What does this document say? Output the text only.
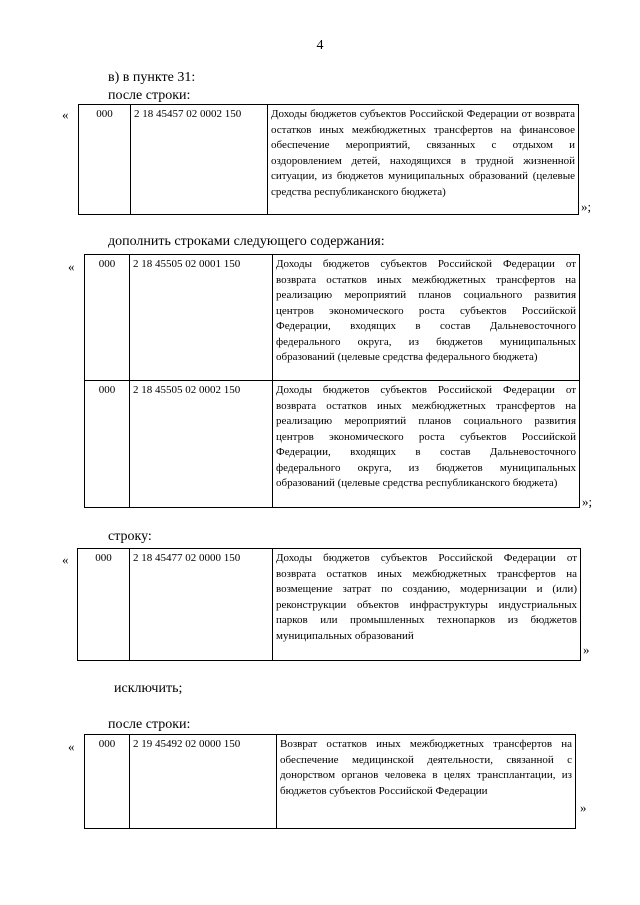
4
в) в пункте 31:
после строки:
«	000	2 18 45457 02 0002 150	Доходы бюджетов субъектов Российской Федерации от возврата остатков иных межбюджетных трансфертов на финансовое обеспечение мероприятий, связанных с отдыхом и оздоровлением детей, находящихся в трудной жизненной ситуации, из бюджетов муниципальных образований (целевые средства республиканского бюджета)
»;
дополнить строками следующего содержания:
« 000	2 18 45505 02 0001 150	Доходы бюджетов субъектов Российской Федерации от возврата остатков иных межбюджетных трансфертов на реализацию мероприятий планов социального развития центров экономического роста субъектов Российской Федерации, входящих в состав Дальневосточного федерального округа, из бюджетов муниципальных образований (целевые средства федерального бюджета)
000	2 18 45505 02 0002 150	Доходы бюджетов субъектов Российской Федерации от возврата остатков иных межбюджетных трансфертов на реализацию мероприятий планов социального развития центров экономического роста субъектов Российской Федерации, входящих в состав Дальневосточного федерального округа, из бюджетов муниципальных образований (целевые средства республиканского бюджета)
»;
строку:
« 000	2 18 45477 02 0000 150	Доходы бюджетов субъектов Российской Федерации от возврата остатков иных межбюджетных трансфертов на возмещение затрат по созданию, модернизации и (или) реконструкции объектов инфраструктуры индустриальных парков или промышленных технопарков из бюджетов муниципальных образований
»
исключить;
после строки:
« 000	2 19 45492 02 0000 150	Возврат остатков иных межбюджетных трансфертов на обеспечение медицинской деятельности, связанной с донорством органов человека в целях трансплантации, из бюджетов субъектов Российской Федерации
»
